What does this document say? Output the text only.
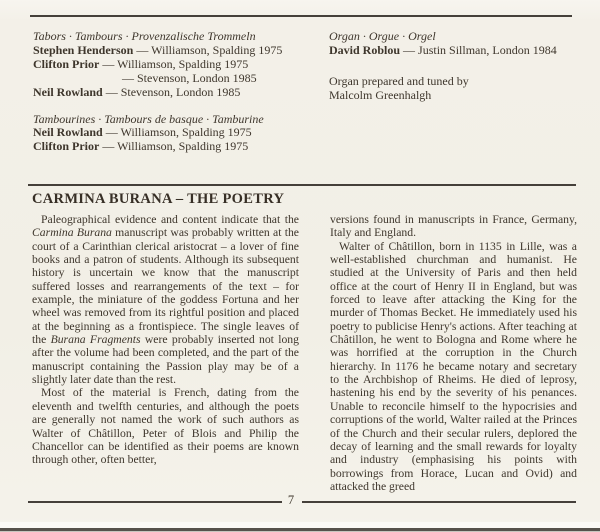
Tabors · Tambours · Provenzalische Trommeln
Stephen Henderson — Williamson, Spalding 1975
Clifton Prior — Williamson, Spalding 1975
— Stevenson, London 1985
Neil Rowland — Stevenson, London 1985
Tambourines · Tambours de basque · Tamburine
Neil Rowland — Williamson, Spalding 1975
Clifton Prior — Williamson, Spalding 1975
Organ · Orgue · Orgel
David Roblou — Justin Sillman, London 1984
Organ prepared and tuned by
Malcolm Greenhalgh
CARMINA BURANA – THE POETRY

Paleographical evidence and content indicate that the Carmina Burana manuscript was probably written at the court of a Carinthian clerical aristocrat – a lover of fine books and a patron of students. Although its subsequent history is uncertain we know that the manuscript suffered losses and rearrangements of the text – for example, the miniature of the goddess Fortuna and her wheel was removed from its rightful position and placed at the beginning as a frontispiece. The single leaves of the Burana Fragments were probably inserted not long after the volume had been completed, and the part of the manuscript containing the Passion play may be of a slightly later date than the rest.

Most of the material is French, dating from the eleventh and twelfth centuries, and although the poets are generally not named the work of such authors as Walter of Châtillon, Peter of Blois and Philip the Chancellor can be identified as their poems are known through other, often better,

versions found in manuscripts in France, Germany, Italy and England.

Walter of Châtillon, born in 1135 in Lille, was a well-established churchman and humanist. He studied at the University of Paris and then held office at the court of Henry II in England, but was forced to leave after attacking the King for the murder of Thomas Becket. He immediately used his poetry to publicise Henry's actions. After teaching at Châtillon, he went to Bologna and Rome where he was horrified at the corruption in the Church hierarchy. In 1176 he became notary and secretary to the Archbishop of Rheims. He died of leprosy, hastening his end by the severity of his penances. Unable to reconcile himself to the hypocrisies and corruptions of the world, Walter railed at the Princes of the Church and their secular rulers, deplored the decay of learning and the small rewards for loyalty and industry (emphasising his points with borrowings from Horace, Lucan and Ovid) and attacked the greed

7
